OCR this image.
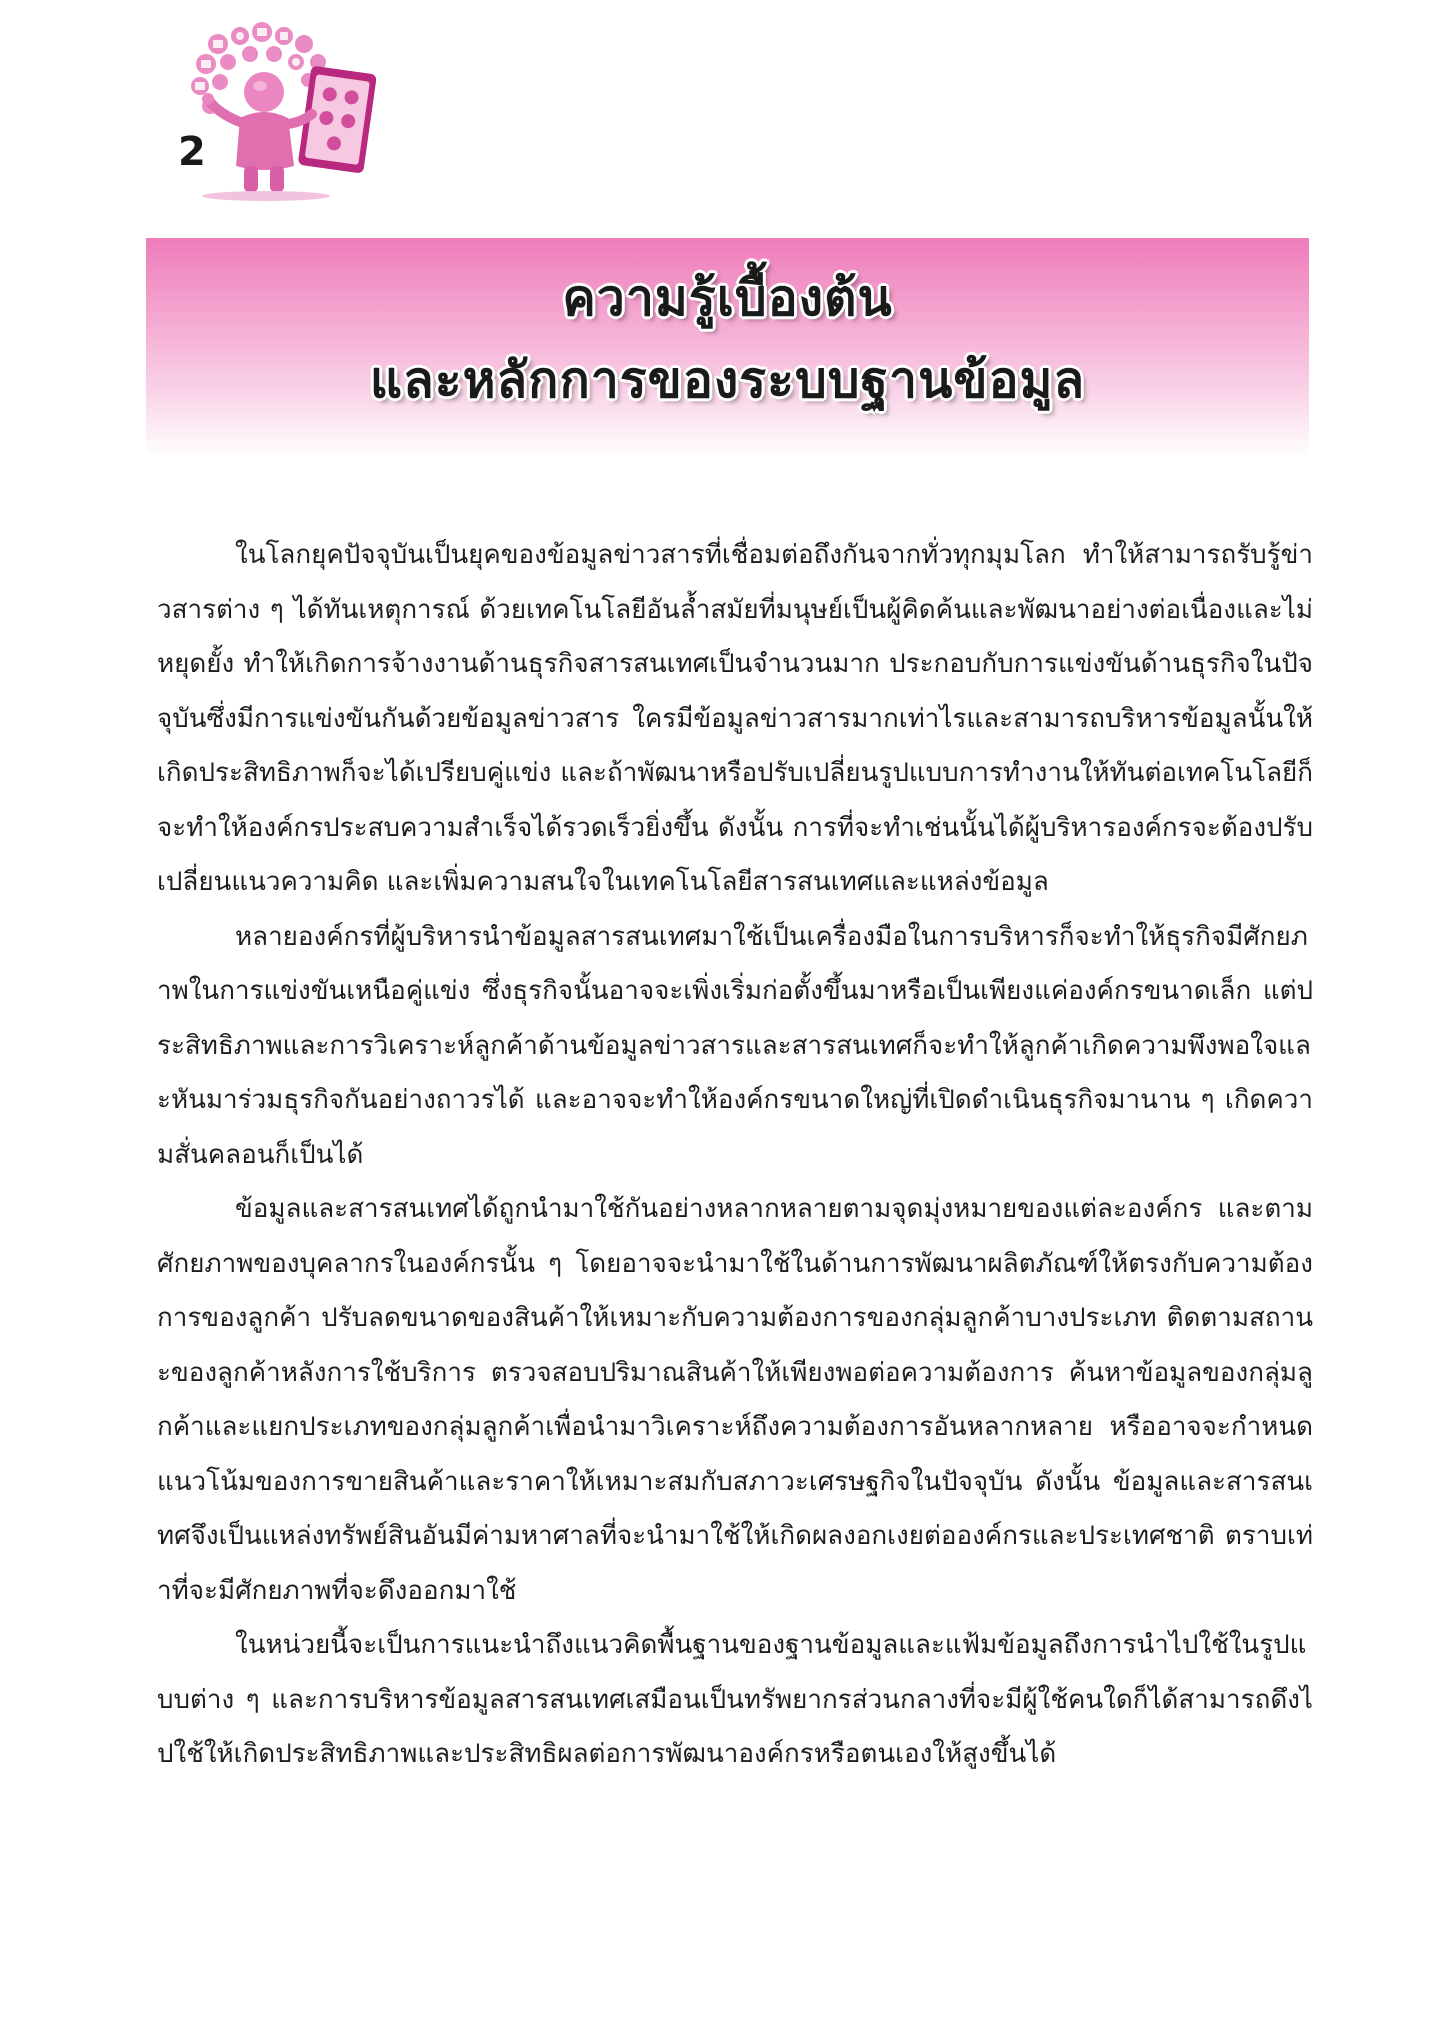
2
ความรู้เบื้องต้น
และหลักการของระบบฐานข้อมูล

ในโลกยุคปัจจุบันเป็นยุคของข้อมูลข่าวสารที่เชื่อมต่อถึงกันจากทั่วทุกมุมโลก ทำให้สามารถรับรู้ข่าวสารต่าง ๆ ได้ทันเหตุการณ์ ด้วยเทคโนโลยีอันล้ำสมัยที่มนุษย์เป็นผู้คิดค้นและพัฒนาอย่างต่อเนื่องและไม่หยุดยั้ง ทำให้เกิดการจ้างงานด้านธุรกิจสารสนเทศเป็นจำนวนมาก ประกอบกับการแข่งขันด้านธุรกิจในปัจจุบันซึ่งมีการแข่งขันกันด้วยข้อมูลข่าวสาร ใครมีข้อมูลข่าวสารมากเท่าไรและสามารถบริหารข้อมูลนั้นให้เกิดประสิทธิภาพก็จะได้เปรียบคู่แข่ง และถ้าพัฒนาหรือปรับเปลี่ยนรูปแบบการทำงานให้ทันต่อเทคโนโลยีก็จะทำให้องค์กรประสบความสำเร็จได้รวดเร็วยิ่งขึ้น ดังนั้น การที่จะทำเช่นนั้นได้ผู้บริหารองค์กรจะต้องปรับเปลี่ยนแนวความคิด และเพิ่มความสนใจในเทคโนโลยีสารสนเทศและแหล่งข้อมูล

หลายองค์กรที่ผู้บริหารนำข้อมูลสารสนเทศมาใช้เป็นเครื่องมือในการบริหารก็จะทำให้ธุรกิจมีศักยภาพในการแข่งขันเหนือคู่แข่ง ซึ่งธุรกิจนั้นอาจจะเพิ่งเริ่มก่อตั้งขึ้นมาหรือเป็นเพียงแค่องค์กรขนาดเล็ก แต่ประสิทธิภาพและการวิเคราะห์ลูกค้าด้านข้อมูลข่าวสารและสารสนเทศก็จะทำให้ลูกค้าเกิดความพึงพอใจและหันมาร่วมธุรกิจกันอย่างถาวรได้ และอาจจะทำให้องค์กรขนาดใหญ่ที่เปิดดำเนินธุรกิจมานาน ๆ เกิดความสั่นคลอนก็เป็นได้

ข้อมูลและสารสนเทศได้ถูกนำมาใช้กันอย่างหลากหลายตามจุดมุ่งหมายของแต่ละองค์กร และตามศักยภาพของบุคลากรในองค์กรนั้น ๆ โดยอาจจะนำมาใช้ในด้านการพัฒนาผลิตภัณฑ์ให้ตรงกับความต้องการของลูกค้า ปรับลดขนาดของสินค้าให้เหมาะกับความต้องการของกลุ่มลูกค้าบางประเภท ติดตามสถานะของลูกค้าหลังการใช้บริการ ตรวจสอบปริมาณสินค้าให้เพียงพอต่อความต้องการ ค้นหาข้อมูลของกลุ่มลูกค้าและแยกประเภทของกลุ่มลูกค้าเพื่อนำมาวิเคราะห์ถึงความต้องการอันหลากหลาย หรืออาจจะกำหนดแนวโน้มของการขายสินค้าและราคาให้เหมาะสมกับสภาวะเศรษฐกิจในปัจจุบัน ดังนั้น ข้อมูลและสารสนเทศจึงเป็นแหล่งทรัพย์สินอันมีค่ามหาศาลที่จะนำมาใช้ให้เกิดผลงอกเงยต่อองค์กรและประเทศชาติ ตราบเท่าที่จะมีศักยภาพที่จะดึงออกมาใช้

ในหน่วยนี้จะเป็นการแนะนำถึงแนวคิดพื้นฐานของฐานข้อมูลและแฟ้มข้อมูลถึงการนำไปใช้ในรูปแบบต่าง ๆ และการบริหารข้อมูลสารสนเทศเสมือนเป็นทรัพยากรส่วนกลางที่จะมีผู้ใช้คนใดก็ได้สามารถดึงไปใช้ให้เกิดประสิทธิภาพและประสิทธิผลต่อการพัฒนาองค์กรหรือตนเองให้สูงขึ้นได้
